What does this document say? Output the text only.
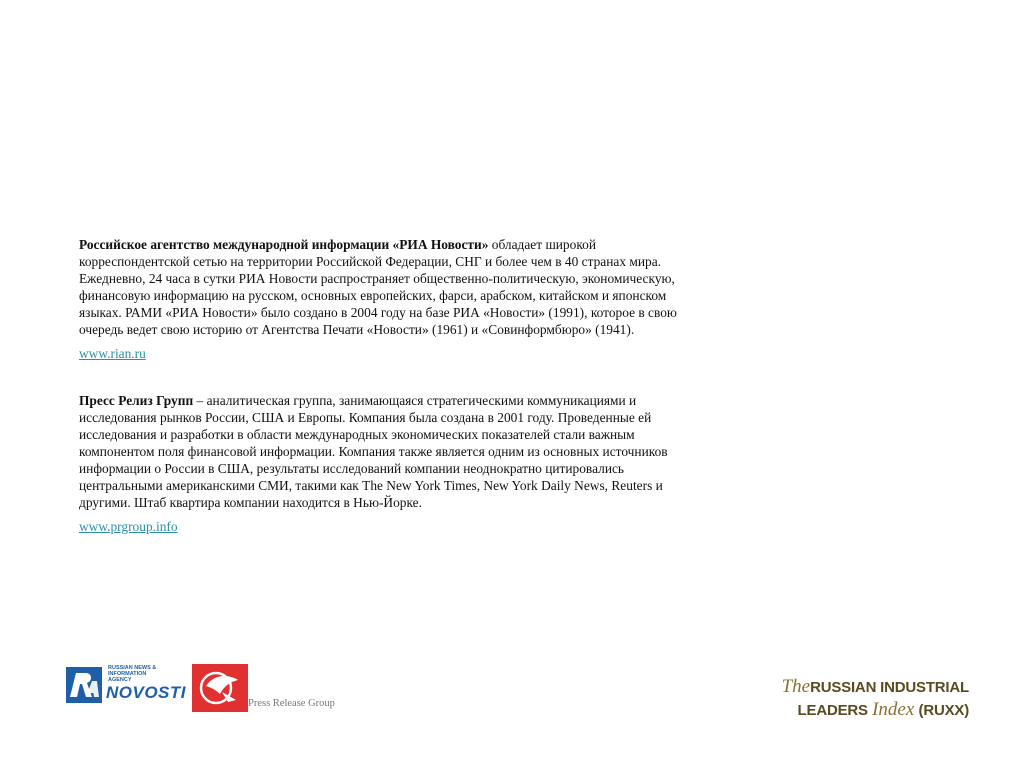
Российское агентство международной информации «РИА Новости» обладает широкой корреспондентской сетью на территории Российской Федерации, СНГ и более чем в 40 странах мира. Ежедневно, 24 часа в сутки РИА Новости распространяет общественно-политическую, экономическую, финансовую информацию на русском, основных европейских, фарси, арабском, китайском и японском языках. РАМИ «РИА Новости» было создано в 2004 году на базе РИА «Новости» (1991), которое в свою очередь ведет свою историю от Агентства Печати «Новости» (1961) и «Совинформбюро» (1941).

www.rian.ru

Пресс Релиз Групп – аналитическая группа, занимающаяся стратегическими коммуникациями и исследования рынков России, США и Европы. Компания была создана в 2001 году. Проведенные ей исследования и разработки в области международных экономических показателей стали важным компонентом поля финансовой информации. Компания также является одним из основных источников информации о России в США, результаты исследований компании неоднократно цитировались центральными американскими СМИ, такими как The New York Times, New York Daily News, Reuters и другими. Штаб квартира компании находится в Нью-Йорке.

www.prgroup.info
RUSSIAN NEWS & INFORMATION AGENCY
NOVOSTI
Press Release Group
TheRUSSIAN INDUSTRIAL
LEADERS Index (RUXX)
